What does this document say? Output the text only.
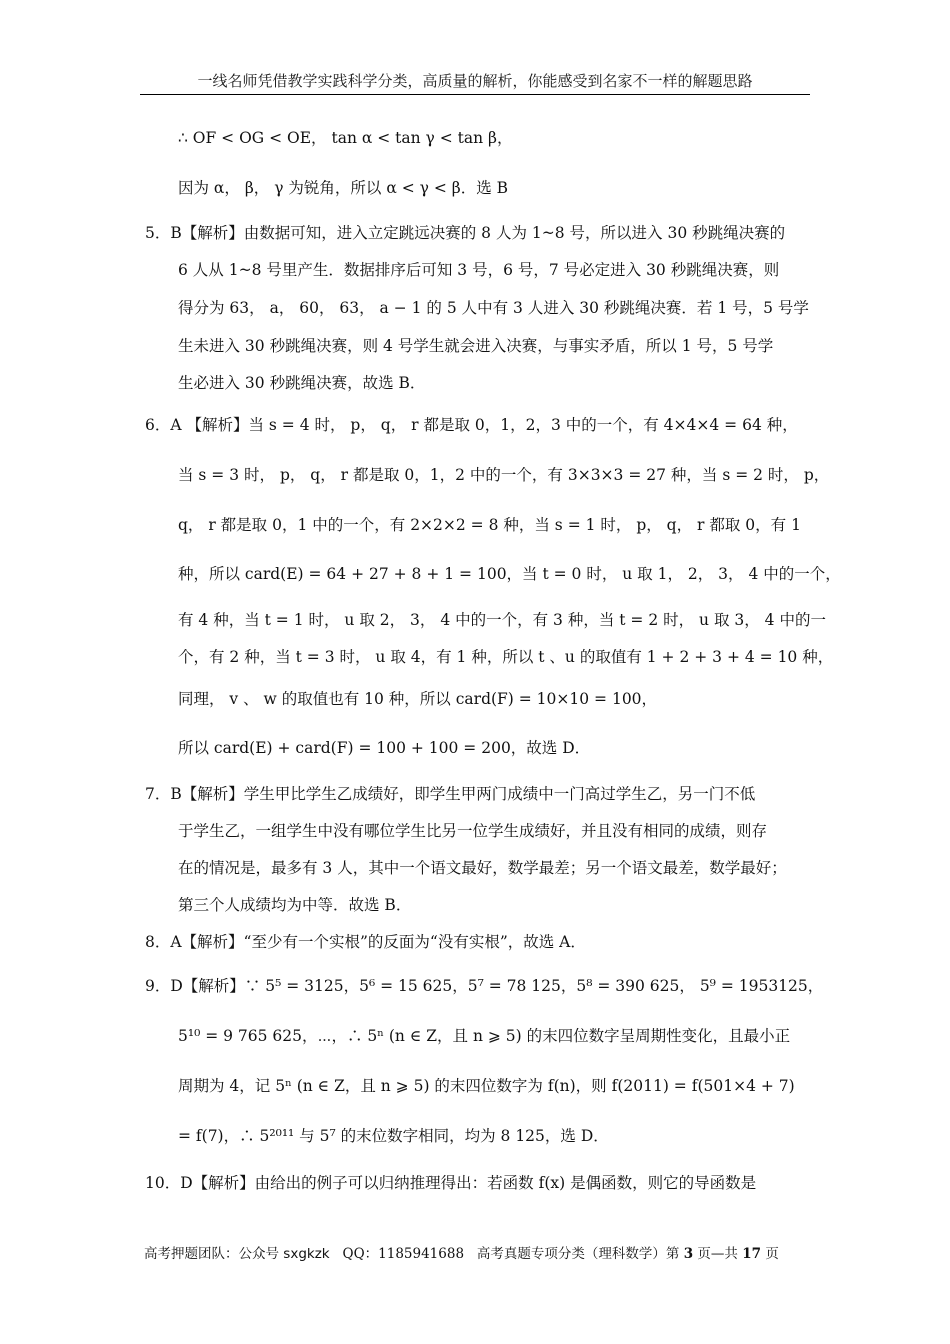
一线名师凭借教学实践科学分类，高质量的解析，你能感受到名家不一样的解题思路
∴ OF < OG < OE， tan α < tan γ < tan β，
因为 α， β， γ 为锐角，所以 α < γ < β．选 B
5．B【解析】由数据可知，进入立定跳远决赛的 8 人为 1~8 号，所以进入 30 秒跳绳决赛的
6 人从 1~8 号里产生．数据排序后可知 3 号，6 号，7 号必定进入 30 秒跳绳决赛，则
得分为 63， a， 60， 63， a − 1 的 5 人中有 3 人进入 30 秒跳绳决赛．若 1 号，5 号学
生未进入 30 秒跳绳决赛，则 4 号学生就会进入决赛，与事实矛盾，所以 1 号，5 号学
生必进入 30 秒跳绳决赛，故选 B．
6．A 【解析】当 s = 4 时， p， q， r 都是取 0，1，2，3 中的一个，有 4×4×4 = 64 种，
当 s = 3 时， p， q， r 都是取 0，1，2 中的一个，有 3×3×3 = 27 种，当 s = 2 时， p，
q， r 都是取 0，1 中的一个，有 2×2×2 = 8 种，当 s = 1 时， p， q， r 都取 0，有 1
种，所以 card(E) = 64 + 27 + 8 + 1 = 100，当 t = 0 时， u 取 1， 2， 3， 4 中的一个，
有 4 种，当 t = 1 时， u 取 2， 3， 4 中的一个，有 3 种，当 t = 2 时， u 取 3， 4 中的一
个，有 2 种，当 t = 3 时， u 取 4，有 1 种，所以 t 、u 的取值有 1 + 2 + 3 + 4 = 10 种，
同理， v 、 w 的取值也有 10 种，所以 card(F) = 10×10 = 100，
所以 card(E) + card(F) = 100 + 100 = 200，故选 D．
7．B【解析】学生甲比学生乙成绩好，即学生甲两门成绩中一门高过学生乙，另一门不低
于学生乙，一组学生中没有哪位学生比另一位学生成绩好，并且没有相同的成绩，则存
在的情况是，最多有 3 人，其中一个语文最好，数学最差；另一个语文最差，数学最好；
第三个人成绩均为中等．故选 B．
8．A【解析】“至少有一个实根”的反面为“没有实根”，故选 A．
9．D【解析】∵ 5⁵ = 3125，5⁶ = 15 625，5⁷ = 78 125，5⁸ = 390 625， 5⁹ = 1953125，
5¹⁰ = 9 765 625，⋯，∴ 5ⁿ (n ∈ Z，且 n ⩾ 5) 的末四位数字呈周期性变化，且最小正
周期为 4，记 5ⁿ (n ∈ Z，且 n ⩾ 5) 的末四位数字为 f(n)，则 f(2011) = f(501×4 + 7)
= f(7)，∴ 5²⁰¹¹ 与 5⁷ 的末位数字相同，均为 8 125，选 D．
10．D【解析】由给出的例子可以归纳推理得出：若函数 f(x) 是偶函数，则它的导函数是
高考押题团队：公众号 sxgkzk QQ：1185941688 高考真题专项分类（理科数学）第 3 页—共 17 页
